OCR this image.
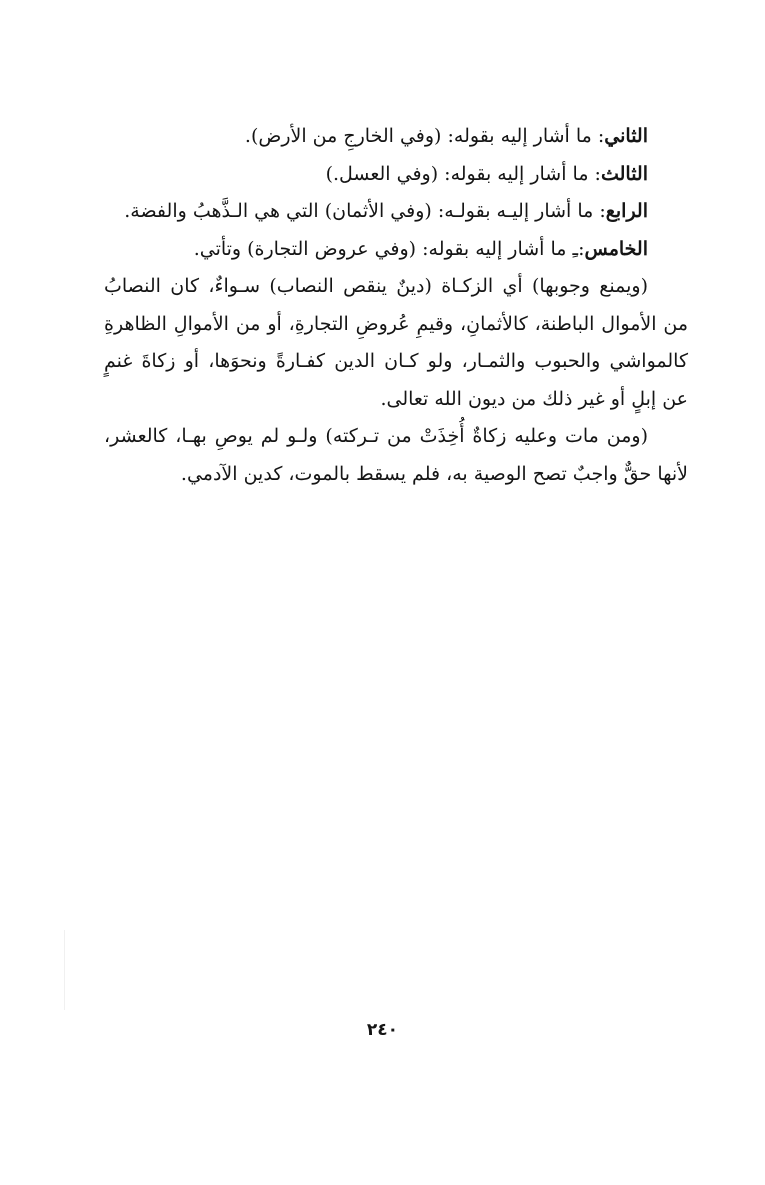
الثاني: ما أشار إليه بقوله: (وفي الخارجِ من الأرض).

الثالث: ما أشار إليه بقوله: (وفي العسل.)

الرابع: ما أشار إليـه بقولـه: (وفي الأثمان) التي هي الـذَّهبُ والفضة.

الخامس:ـِ ما أشار إليه بقوله: (وفي عروض التجارة) وتأتي.

(ويمنع وجوبها) أي الزكـاة (دينٌ ينقص النصاب) سـواءٌ، كان النصابُ من الأموال الباطنة، كالأثمانِ، وقيمِ عُروضِ التجارةِ، أو من الأموالِ الظاهرةِ كالمواشي والحبوب والثمـار، ولو كـان الدين كفـارةً ونحوَها، أو زكاةَ غنمٍ عن إبلٍ أو غير ذلك من ديون الله تعالى.

(ومن مات وعليه زكاةٌ أُخِذَتْ من تـركته) ولـو لم يوصِ بهـا، كالعشر، لأنها حقٌّ واجبٌ تصح الوصية به، فلم يسقط بالموت، كدين الآدمي.

٢٤٠
